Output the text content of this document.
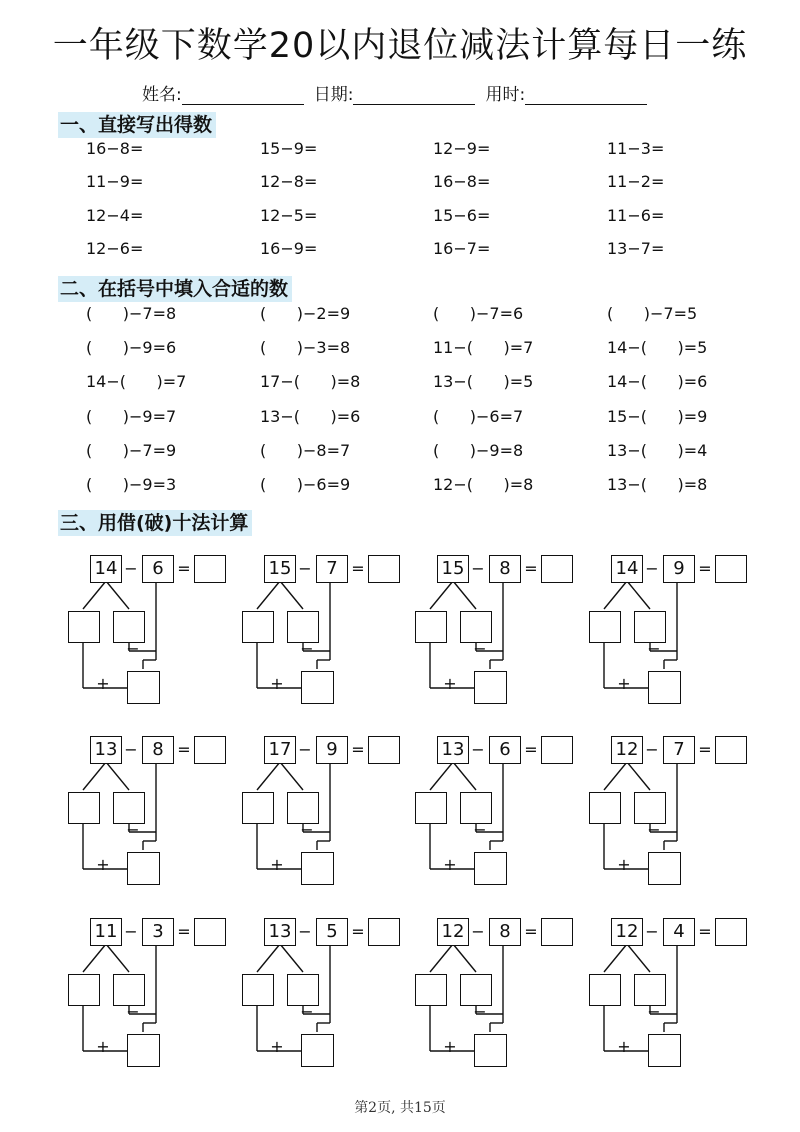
一年级下数学20以内退位减法计算每日一练
姓名:	日期:	用时:
一、直接写出得数
16−8=	15−9=	12−9=	11−3=
11−9=	12−8=	16−8=	11−2=
12−4=	12−5=	15−6=	11−6=
12−6=	16−9=	16−7=	13−7=
二、在括号中填入合适的数
(      )−7=8	(      )−2=9	(      )−7=6	(      )−7=5
(      )−9=6	(      )−3=8	11−(      )=7	14−(      )=5
14−(      )=7	17−(      )=8	13−(      )=5	14−(      )=6
(      )−9=7	13−(      )=6	(      )−6=7	15−(      )=9
(      )−7=9	(      )−8=7	(      )−9=8	13−(      )=4
(      )−9=3	(      )−6=9	12−(      )=8	13−(      )=8
三、用借(破)十法计算
14 − 6 =
−
+
15 − 7 =
−
+
15 − 8 =
−
+
14 − 9 =
−
+
13 − 8 =
−
+
17 − 9 =
−
+
13 − 6 =
−
+
12 − 7 =
−
+
11 − 3 =
−
+
13 − 5 =
−
+
12 − 8 =
−
+
12 − 4 =
−
+
第2页, 共15页
